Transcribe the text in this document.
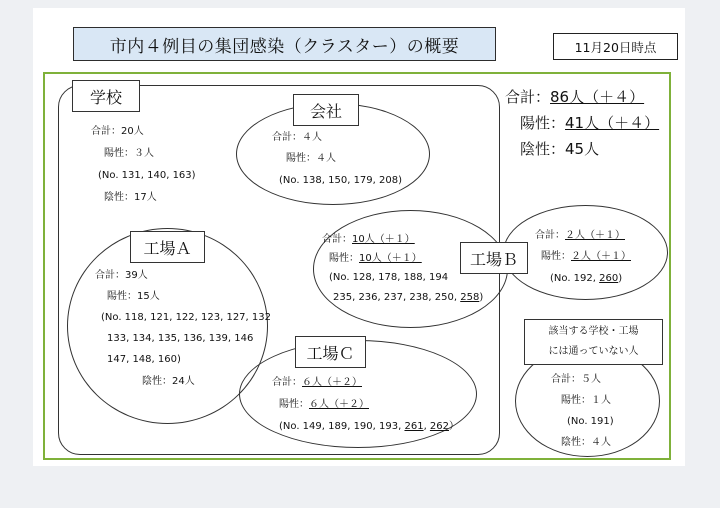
市内４例目の集団感染（クラスター）の概要	11月20日時点
合計：86人（＋４）
陽性：41人（＋４）
陰性：45人
学校
合計：20人
陽性：３人
(No. 131, 140, 163)
陰性：17人
会社
合計：４人
陽性：４人
(No. 138, 150, 179, 208)
工場Ａ
合計：39人
陽性：15人
(No. 118, 121, 122, 123, 127, 132
133, 134, 135, 136, 139, 146
147, 148, 160)
陰性：24人
合計：10人（＋１）
陽性：10人（＋１）
(No. 128, 178, 188, 194
235, 236, 237, 238, 250, 258)
工場Ｂ
合計：２人（＋１）
陽性：２人（＋１）
(No. 192, 260)
工場Ｃ
合計：６人（＋２）
陽性：６人（＋２）
(No. 149, 189, 190, 193, 261, 262）
該当する学校・工場
には通っていない人
合計：５人
陽性：１人
(No. 191)
陰性：４人
